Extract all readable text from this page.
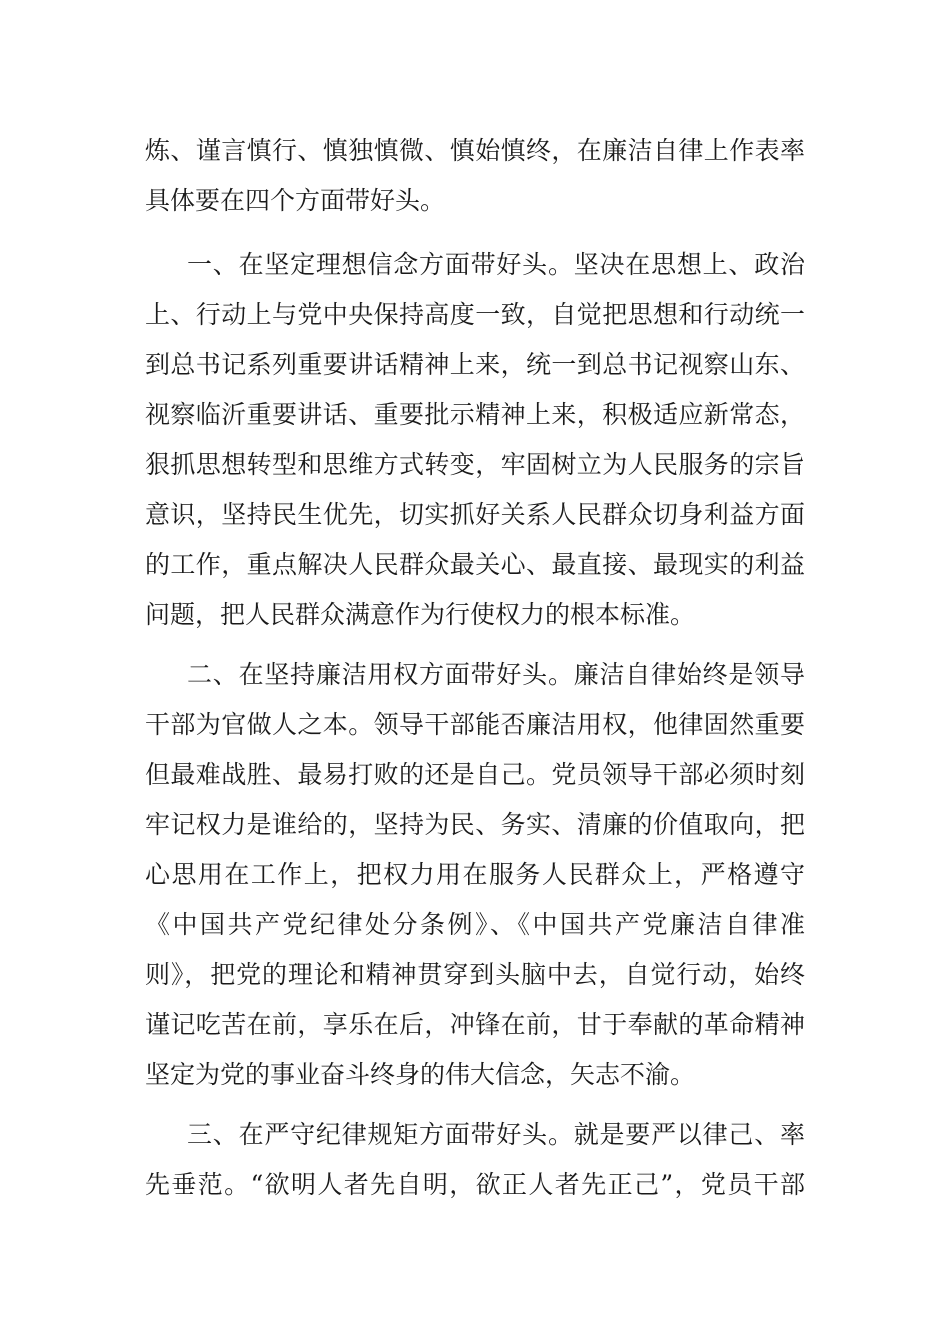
炼、谨言慎行、慎独慎微、慎始慎终，在廉洁自律上作表率
具体要在四个方面带好头。
一、在坚定理想信念方面带好头。坚决在思想上、政治
上、行动上与党中央保持高度一致，自觉把思想和行动统一
到总书记系列重要讲话精神上来，统一到总书记视察山东、
视察临沂重要讲话、重要批示精神上来，积极适应新常态，
狠抓思想转型和思维方式转变，牢固树立为人民服务的宗旨
意识，坚持民生优先，切实抓好关系人民群众切身利益方面
的工作，重点解决人民群众最关心、最直接、最现实的利益
问题，把人民群众满意作为行使权力的根本标准。
二、在坚持廉洁用权方面带好头。廉洁自律始终是领导
干部为官做人之本。领导干部能否廉洁用权，他律固然重要
但最难战胜、最易打败的还是自己。党员领导干部必须时刻
牢记权力是谁给的，坚持为民、务实、清廉的价值取向，把
心思用在工作上，把权力用在服务人民群众上，严格遵守
《中国共产党纪律处分条例》、《中国共产党廉洁自律准
则》，把党的理论和精神贯穿到头脑中去，自觉行动，始终
谨记吃苦在前，享乐在后，冲锋在前，甘于奉献的革命精神
坚定为党的事业奋斗终身的伟大信念，矢志不渝。
三、在严守纪律规矩方面带好头。就是要严以律己、率
先垂范。“欲明人者先自明，欲正人者先正己”，党员干部
